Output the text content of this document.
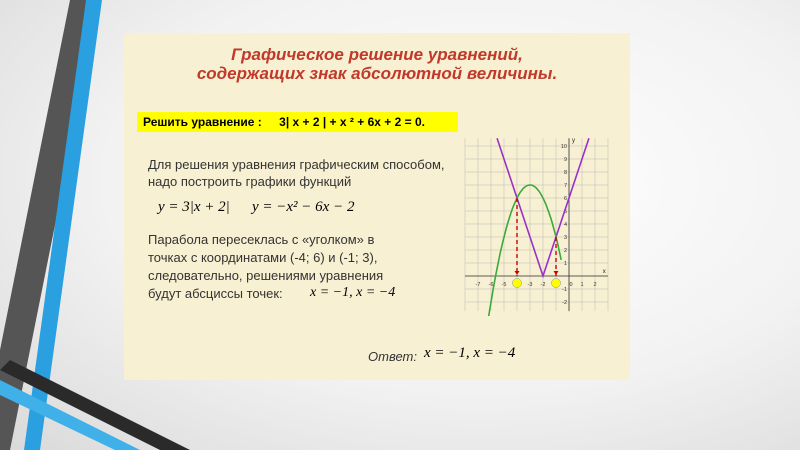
Графическое решение уравнений,
содержащих знак абсолютной величины.
Решить уравнение : 3| x + 2 | + x ² + 6x + 2 = 0.
Для решения уравнения графическим способом,
надо построить графики функций
y = 3|x + 2| y = −x² − 6x − 2
Парабола пересеклась с «уголком» в
точках с координатами (-4; 6) и (-1; 3),
следовательно, решениями уравнения
будут абсциссы точек: x = −1, x = −4
Ответ: x = −1, x = −4
-7 -6 -5	-3 -2	0 1 2
10
9
8
7
6
5
4
3
2
1
-1
-2
y
x
